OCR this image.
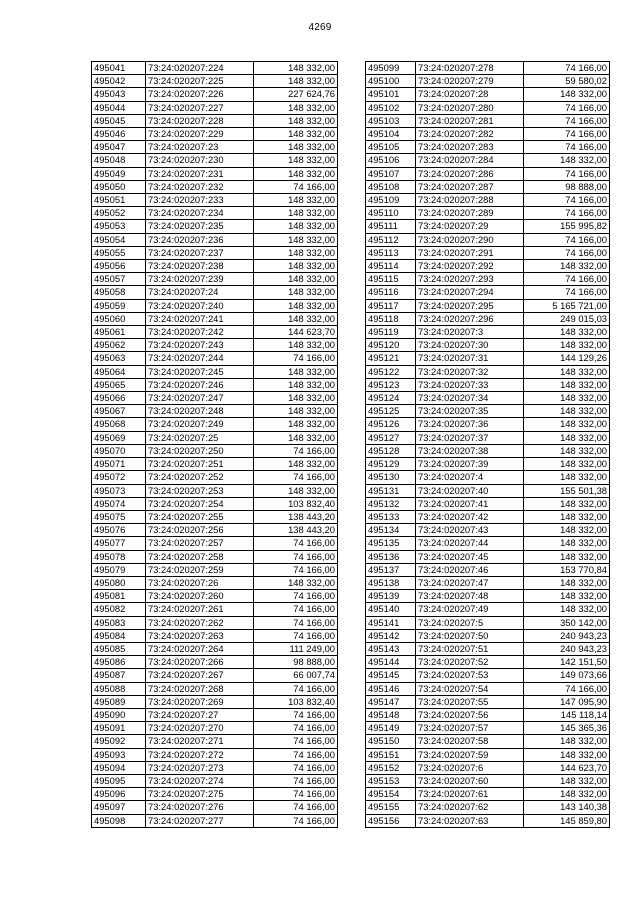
4269
495041	73:24:020207:224	148 332,00
495042	73:24:020207:225	148 332,00
495043	73:24:020207:226	227 624,76
495044	73:24:020207:227	148 332,00
495045	73:24:020207:228	148 332,00
495046	73:24:020207:229	148 332,00
495047	73:24:020207:23	148 332,00
495048	73:24:020207:230	148 332,00
495049	73:24:020207:231	148 332,00
495050	73:24:020207:232	74 166,00
495051	73:24:020207:233	148 332,00
495052	73:24:020207:234	148 332,00
495053	73:24:020207:235	148 332,00
495054	73:24:020207:236	148 332,00
495055	73:24:020207:237	148 332,00
495056	73:24:020207:238	148 332,00
495057	73:24:020207:239	148 332,00
495058	73:24:020207:24	148 332,00
495059	73:24:020207:240	148 332,00
495060	73:24:020207:241	148 332,00
495061	73:24:020207:242	144 623,70
495062	73:24:020207:243	148 332,00
495063	73:24:020207:244	74 166,00
495064	73:24:020207:245	148 332,00
495065	73:24:020207:246	148 332,00
495066	73:24:020207:247	148 332,00
495067	73:24:020207:248	148 332,00
495068	73:24:020207:249	148 332,00
495069	73:24:020207:25	148 332,00
495070	73:24:020207:250	74 166,00
495071	73:24:020207:251	148 332,00
495072	73:24:020207:252	74 166,00
495073	73:24:020207:253	148 332,00
495074	73:24:020207:254	103 832,40
495075	73:24:020207:255	138 443,20
495076	73:24:020207:256	138 443,20
495077	73:24:020207:257	74 166,00
495078	73:24:020207:258	74 166,00
495079	73:24:020207:259	74 166,00
495080	73:24:020207:26	148 332,00
495081	73:24:020207:260	74 166,00
495082	73:24:020207:261	74 166,00
495083	73:24:020207:262	74 166,00
495084	73:24:020207:263	74 166,00
495085	73:24:020207:264	111 249,00
495086	73:24:020207:266	98 888,00
495087	73:24:020207:267	66 007,74
495088	73:24:020207:268	74 166,00
495089	73:24:020207:269	103 832,40
495090	73:24:020207:27	74 166,00
495091	73:24:020207:270	74 166,00
495092	73:24:020207:271	74 166,00
495093	73:24:020207:272	74 166,00
495094	73:24:020207:273	74 166,00
495095	73:24:020207:274	74 166,00
495096	73:24:020207:275	74 166,00
495097	73:24:020207:276	74 166,00
495098	73:24:020207:277	74 166,00
495099	73:24:020207:278	74 166,00
495100	73:24:020207:279	59 580,02
495101	73:24:020207:28	148 332,00
495102	73:24:020207:280	74 166,00
495103	73:24:020207:281	74 166,00
495104	73:24:020207:282	74 166,00
495105	73:24:020207:283	74 166,00
495106	73:24:020207:284	148 332,00
495107	73:24:020207:286	74 166,00
495108	73:24:020207:287	98 888,00
495109	73:24:020207:288	74 166,00
495110	73:24:020207:289	74 166,00
495111	73:24:020207:29	155 995,82
495112	73:24:020207:290	74 166,00
495113	73:24:020207:291	74 166,00
495114	73:24:020207:292	148 332,00
495115	73:24:020207:293	74 166,00
495116	73:24:020207:294	74 166,00
495117	73:24:020207:295	5 165 721,00
495118	73:24:020207:296	249 015,03
495119	73:24:020207:3	148 332,00
495120	73:24:020207:30	148 332,00
495121	73:24:020207:31	144 129,26
495122	73:24:020207:32	148 332,00
495123	73:24:020207:33	148 332,00
495124	73:24:020207:34	148 332,00
495125	73:24:020207:35	148 332,00
495126	73:24:020207:36	148 332,00
495127	73:24:020207:37	148 332,00
495128	73:24:020207:38	148 332,00
495129	73:24:020207:39	148 332,00
495130	73:24:020207:4	148 332,00
495131	73:24:020207:40	155 501,38
495132	73:24:020207:41	148 332,00
495133	73:24:020207:42	148 332,00
495134	73:24:020207:43	148 332,00
495135	73:24:020207:44	148 332,00
495136	73:24:020207:45	148 332,00
495137	73:24:020207:46	153 770,84
495138	73:24:020207:47	148 332,00
495139	73:24:020207:48	148 332,00
495140	73:24:020207:49	148 332,00
495141	73:24:020207:5	350 142,00
495142	73:24:020207:50	240 943,23
495143	73:24:020207:51	240 943,23
495144	73:24:020207:52	142 151,50
495145	73:24:020207:53	149 073,66
495146	73:24:020207:54	74 166,00
495147	73:24:020207:55	147 095,90
495148	73:24:020207:56	145 118,14
495149	73:24:020207:57	145 365,36
495150	73:24:020207:58	148 332,00
495151	73:24:020207:59	148 332,00
495152	73:24:020207:6	144 623,70
495153	73:24:020207:60	148 332,00
495154	73:24:020207:61	148 332,00
495155	73:24:020207:62	143 140,38
495156	73:24:020207:63	145 859,80
